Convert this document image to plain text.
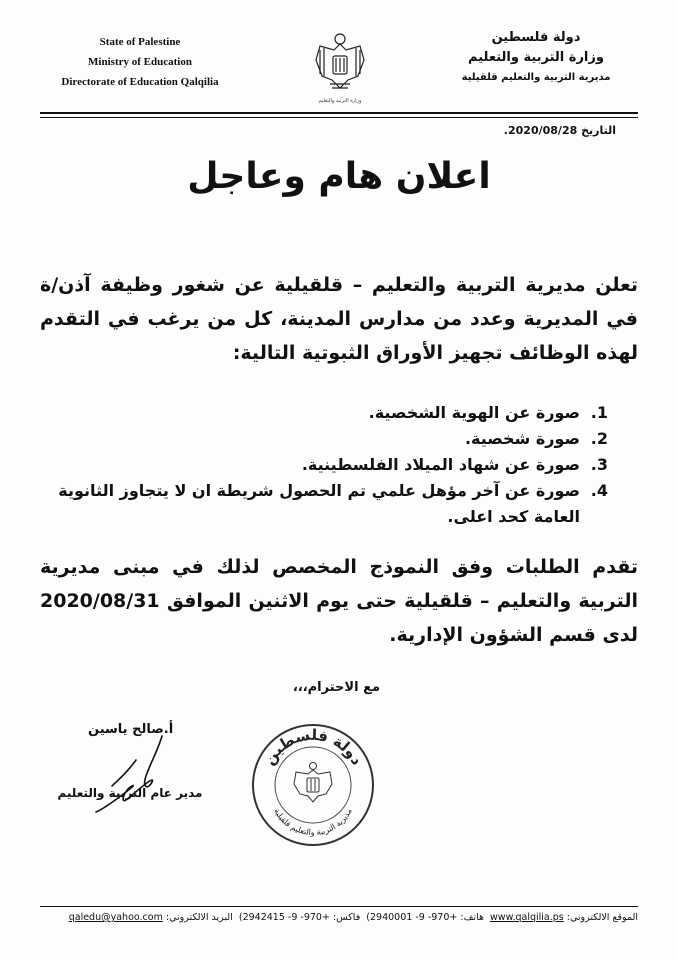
State of Palestine
Ministry of Education
Directorate of Education Qalqilia
وزارة التربية والتعليم
دولة فلسطين
وزارة التربية والتعليم
مديرية التربية والتعليم قلقيلية
التاريخ 2020/08/28.
اعلان هام وعاجل
تعلن مديرية التربية والتعليم – قلقيلية عن شغور وظيفة آذن/ة في المديرية وعدد من مدارس المدينة، كل من يرغب في التقدم لهذه الوظائف تجهيز الأوراق الثبوتية التالية:
1.
صورة عن الهوية الشخصية.
2.
صورة شخصية.
3.
صورة عن شهاد الميلاد الفلسطينية.
4.
صورة عن آخر مؤهل علمي تم الحصول شريطة ان لا يتجاوز الثانوية العامة كحد اعلى.
تقدم الطلبات وفق النموذج المخصص لذلك في مبنى مديرية التربية والتعليم – قلقيلية حتى يوم الاثنين الموافق 2020/08/31 لدى قسم الشؤون الإدارية.
مع الاحترام،،،
أ.صالح ياسين
مدير عام التربية والتعليم
دولة فلسطين
مديرية التربية والتعليم قلقيلية
الموقع الالكتروني: www.qalqilia.ps  هاتف: (2940001 -9 -970+  فاكس: (2942415 -9 -970+  البريد الالكتروني: qaledu@yahoo.com
